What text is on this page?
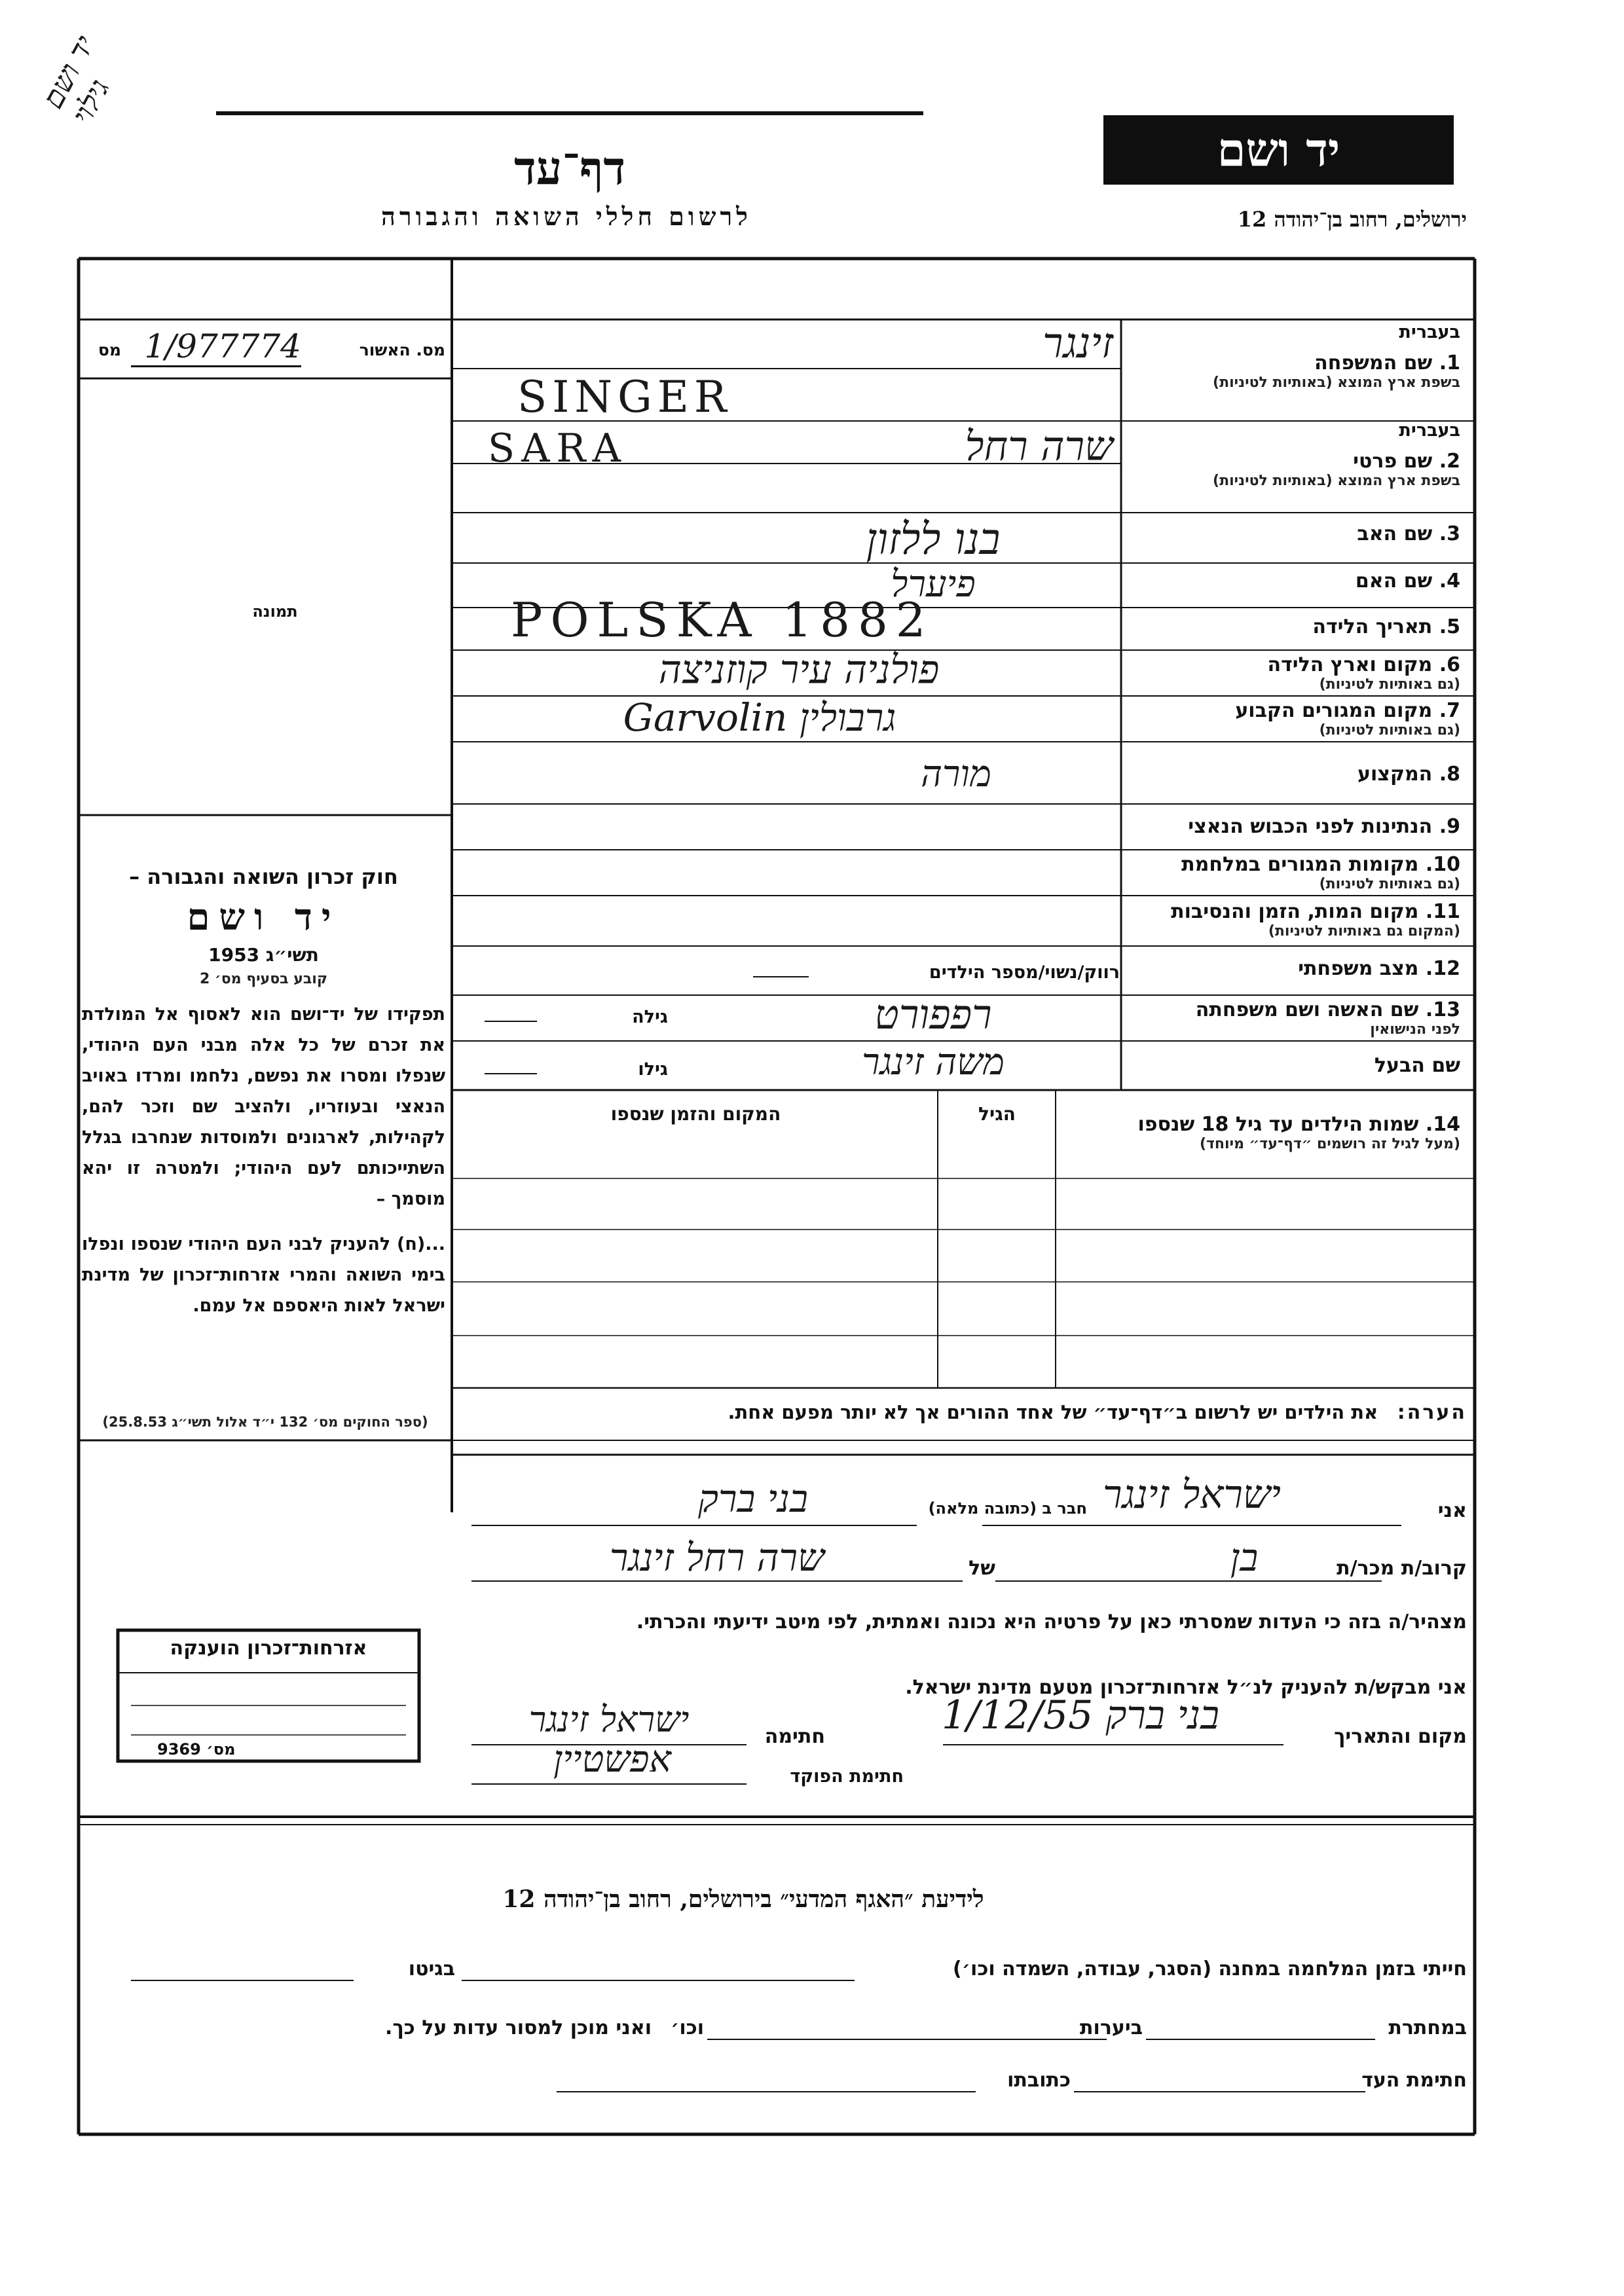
יד ושם גילוי
יד ושם
דף־עד
לרשום חללי השואה והגבורה	ירושלים, רחוב בן־יהודה 12
מס. האשור
1/977774
מס
תמונה
בעברית
1. שם המשפחה
בשפת ארץ המוצא (באותיות לטיניות)
בעברית
2. שם פרטי
בשפת ארץ המוצא (באותיות לטיניות)
3. שם האב
4. שם האם
5. תאריך הלידה
6. מקום וארץ הלידה
(גם באותיות לטיניות)
7. מקום המגורים הקבוע
(גם באותיות לטיניות)
8. המקצוע
9. הנתינות לפני הכבוש הנאצי
10. מקומות המגורים במלחמת
(גם באותיות לטיניות)
11. מקום המות, הזמן והנסיבות
(המקום גם באותיות לטיניות)
12. מצב משפחתי
13. שם האשה ושם משפחתה
לפני הנישואין
שם הבעל
14. שמות הילדים עד גיל 18 שנספו
(מעל לגיל זה רושמים ״דף־עד״ מיוחד)
הגיל
המקום והזמן שנספו
זינגר
SINGER
שרה רחל
SARA
בנו ללזון
פיערל
POLSKA 1882
פולניה עיר קוזניצה
גרבולין Garvolin
מורה
רווק/נשוי/מספר הילדים
רפפורט
גילה
משה זינגר
גילו
חוק זכרון השואה והגבורה –
יד ושם
תשי״ג 1953
קובע בסעיף מס׳ 2
תפקידו של יד־ושם הוא לאסוף אל המולדת את זכרם של כל אלה מבני העם היהודי, שנפלו ומסרו את נפשם, נלחמו ומרדו באויב הנאצי ובעוזריו, ולהציב שם וזכר להם, לקהילות, לארגונים ולמוסדות שנחרבו בגלל השתייכותם לעם היהודי; ולמטרה זו יהא מוסמך –
...(ח) להעניק לבני העם היהודי שנספו ונפלו בימי השואה והמרי אזרחות־זכרון של מדינת ישראל לאות היאספם אל עמם.
(ספר החוקים מס׳ 132 י״ד אלול תשי״ג 25.8.53)	הערה: את הילדים יש לרשום ב״דף־עד״ של אחד ההורים אך לא יותר מפעם אחת.
אני
ישראל זינגר
חבר ב (כתובה מלאה)
בני ברק
קרוב/ת מכר/ת
בן
של
שרה רחל זינגר
מצהיר/ה בזה כי העדות שמסרתי כאן על פרטיה היא נכונה ואמתית, לפי מיטב ידיעתי והכרתי.
אני מבקש/ת להעניק לנ״ל אזרחות־זכרון מטעם מדינת ישראל.
מקום והתאריך
בני ברק 1/12/55
חתימה
ישראל זינגר
חתימת הפוקד
אפשטיין
אזרחות־זכרון הוענקה
מס׳ 9369
לידיעת ״האגף המדעי״ בירושלים, רחוב בן־יהודה 12
חייתי בזמן המלחמה במחנה (הסגר, עבודה, השמדה וכו׳)
בגיטו
במחתרת
ביערות
וכו׳
ואני מוכן למסור עדות על כך.
חתימת העד
כתובתו
